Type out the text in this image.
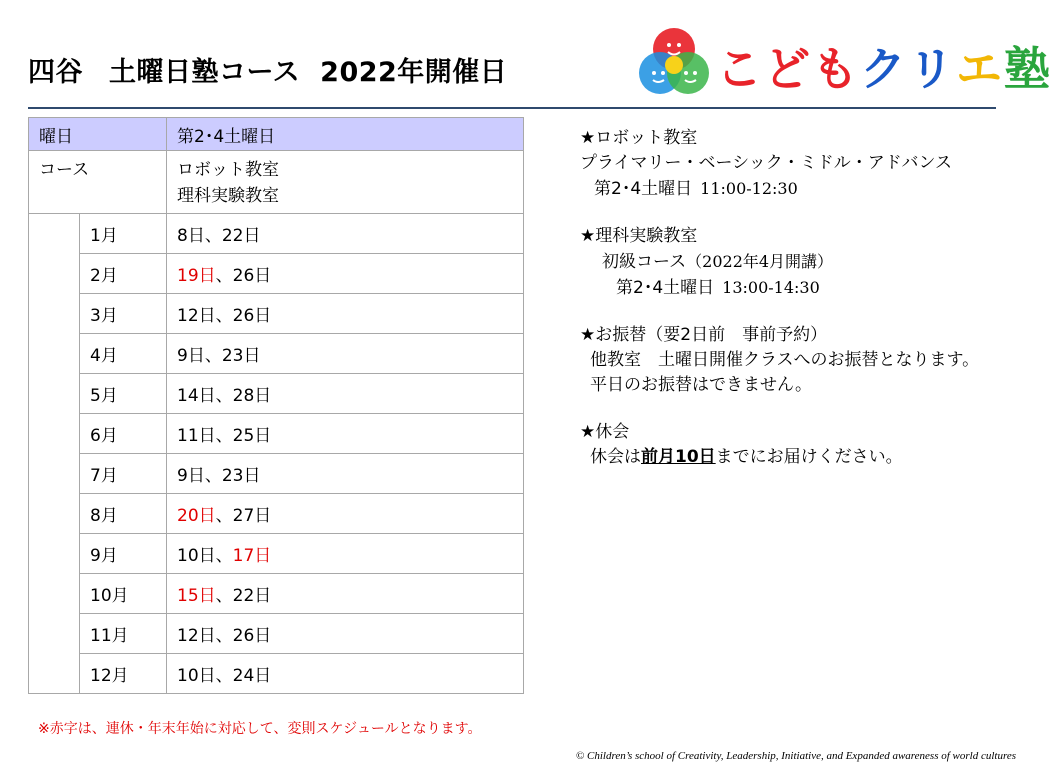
四谷 土曜日塾コース 2022年開催日	こどもクリエ塾
曜日		第2･4土曜日
コース		ロボット教室
理科実験教室

	1月	8日、22日
	2月	19日、26日
	3月	12日、26日
	4月	9日、23日
	5月	14日、28日
	6月	11日、25日
	7月	9日、23日
	8月	20日、27日
	9月	10日、17日
	10月	15日、22日
	11月	12日、26日
	12月	10日、24日
※赤字は、連休・年末年始に対応して、変則スケジュールとなります。
★ロボット教室
プライマリー・ベーシック・ミドル・アドバンス
第2･4土曜日 11:00-12:30
★理科実験教室
初級コース（2022年4月開講）
第2･4土曜日 13:00-14:30
★お振替（要2日前　事前予約）
他教室　土曜日開催クラスへのお振替となります。
平日のお振替はできません。
★休会
休会は前月10日までにお届けください。
© Children’s school of Creativity, Leadership, Initiative, and Expanded awareness of world cultures
